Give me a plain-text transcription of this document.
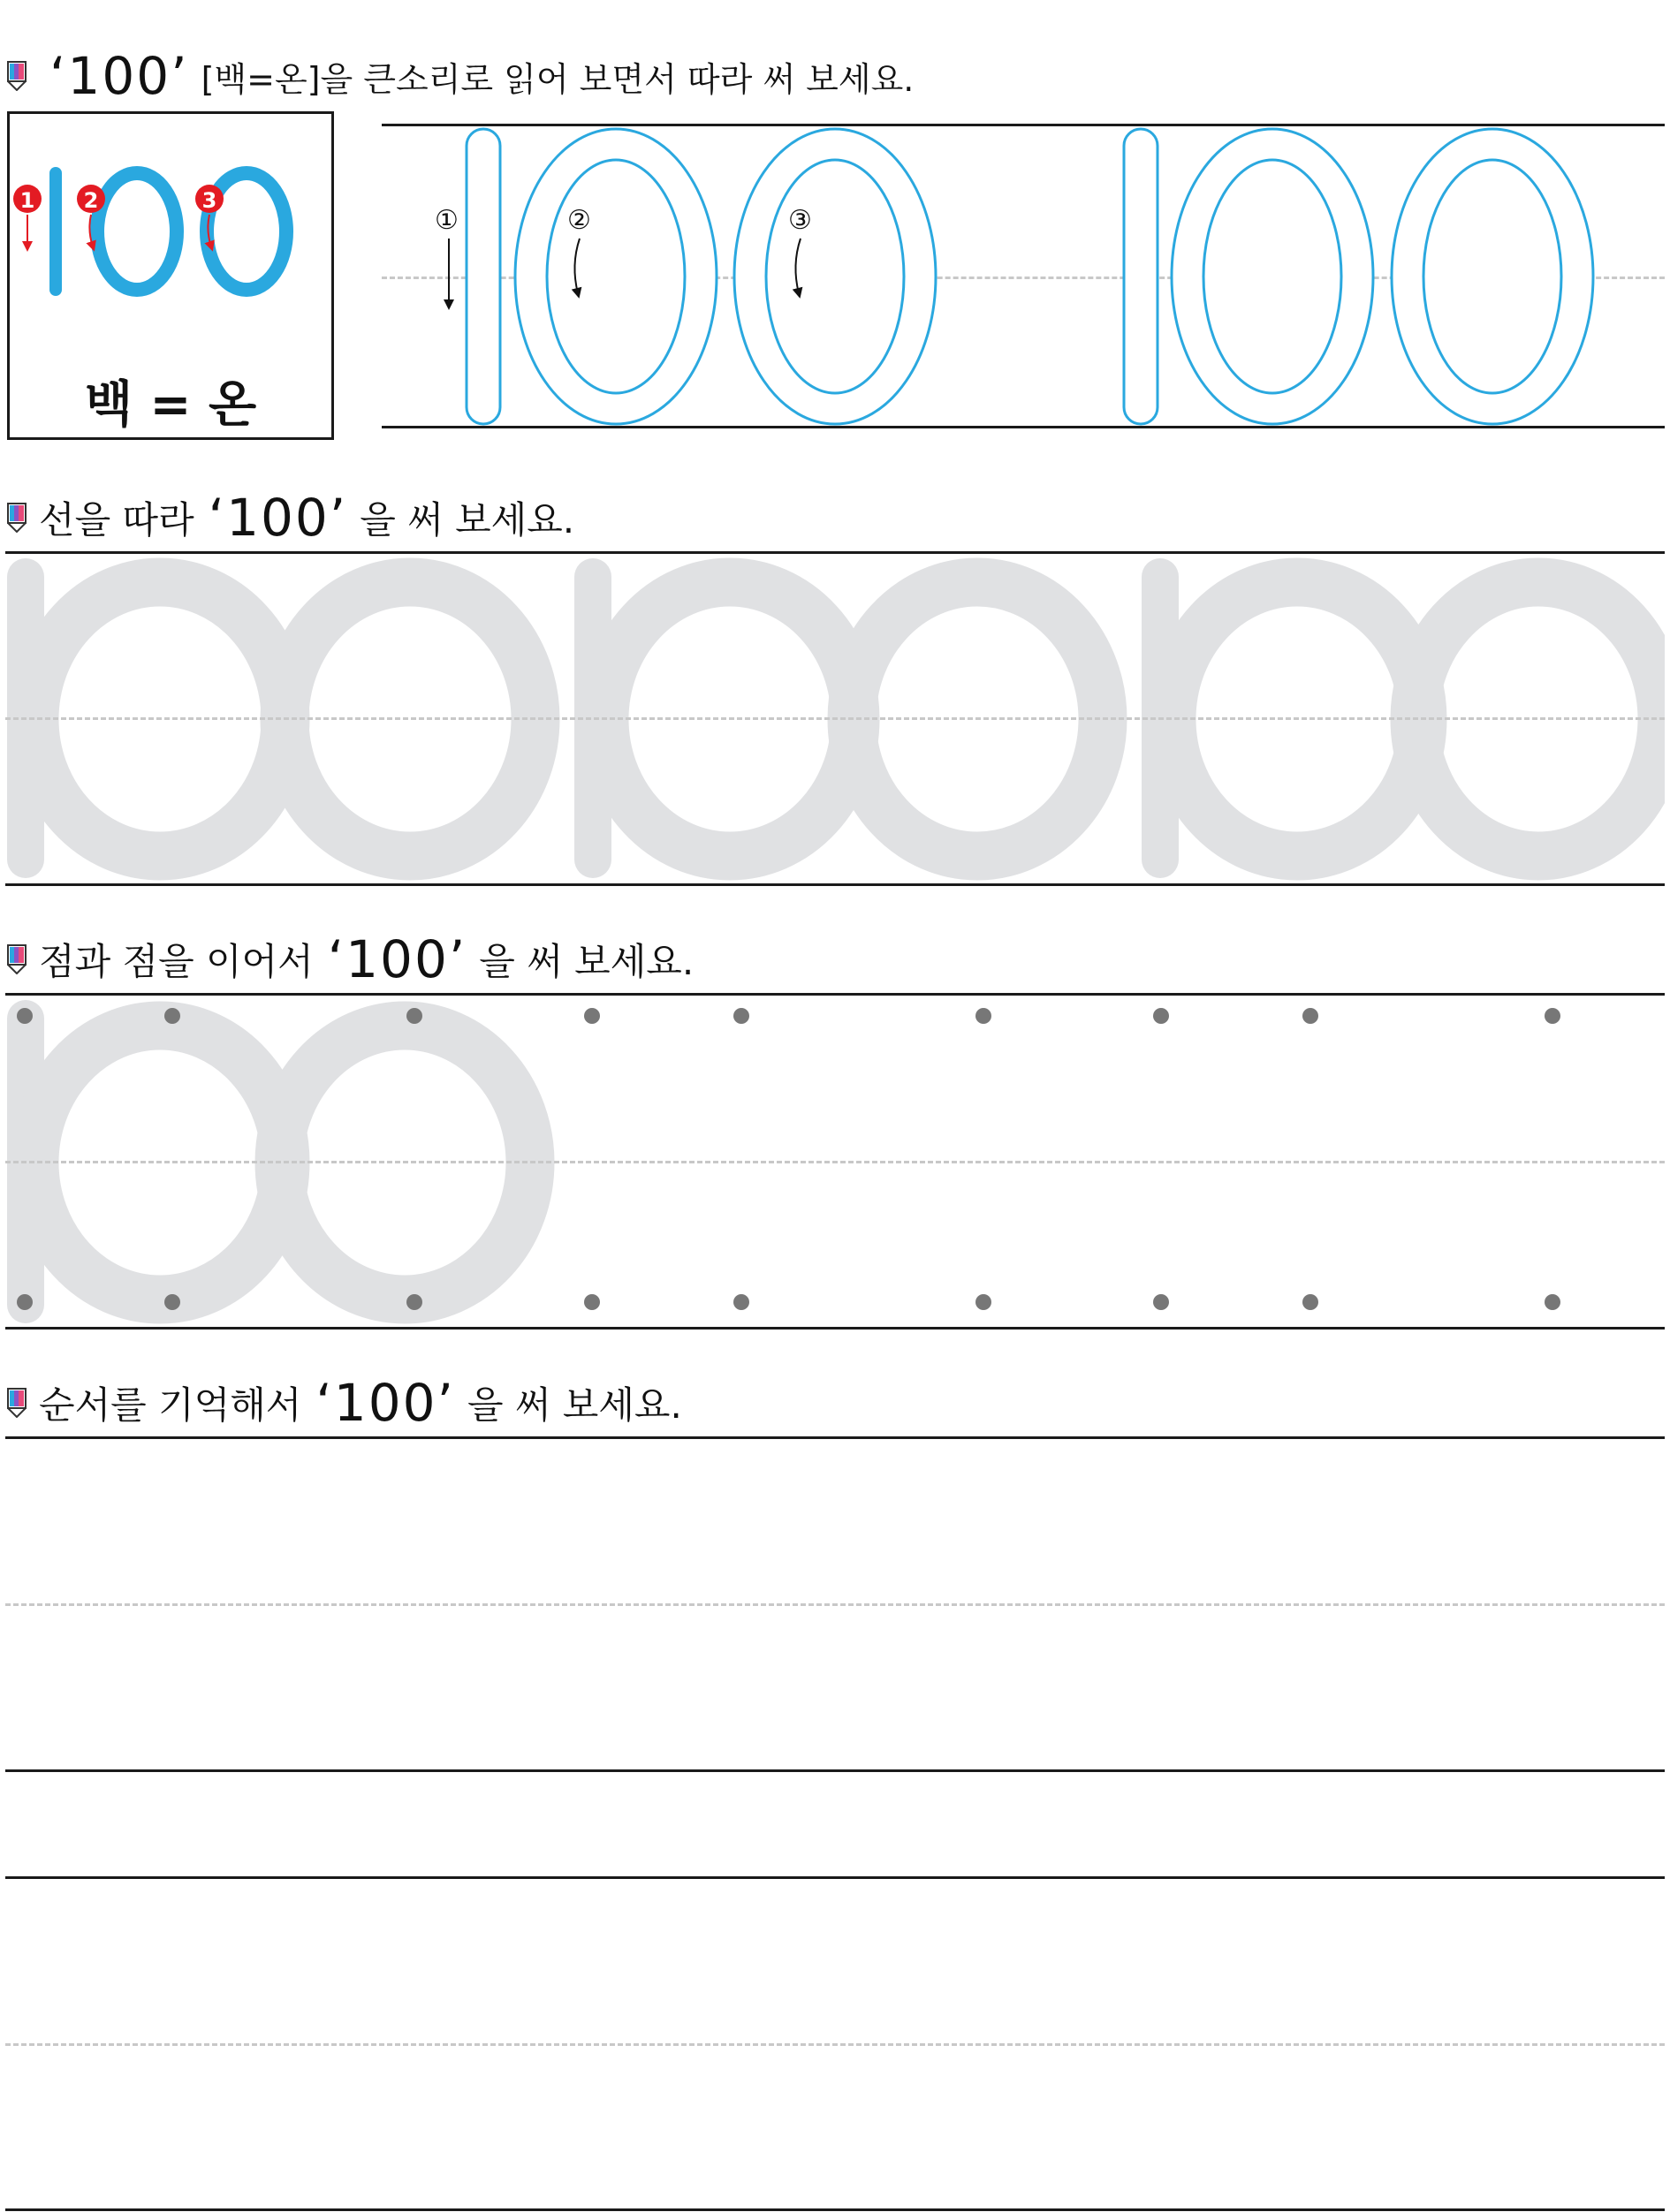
‘100’ [백=온]을 큰소리로 읽어 보면서 따라 써 보세요.
1 2	3
백 = 온
①	②	③
선을 따라 ‘100’ 을 써 보세요.
점과 점을 이어서 ‘100’ 을 써 보세요.
순서를 기억해서 ‘100’ 을 써 보세요.
